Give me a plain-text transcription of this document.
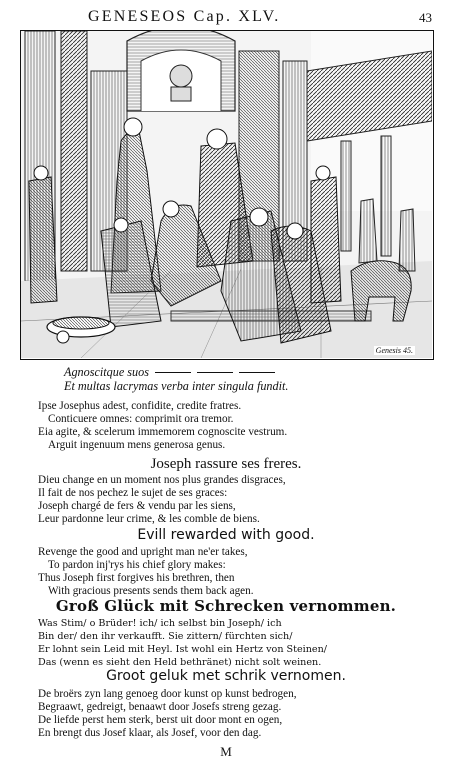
GENESEOS Cap. XLV.	43
Genesis 45.
Agnoscitque suos
Et multas lacrymas verba inter singula fundit.
Ipse Josephus adest, confidite, credite fratres.
Conticuere omnes: comprimit ora tremor.
Eia agite, & scelerum immemorem cognoscite vestrum.
Arguit ingenuum mens generosa genus.
Joseph rassure ses freres.
Dieu change en un moment nos plus grandes disgraces,
Il fait de nos pechez le sujet de ses graces:
Joseph chargé de fers & vendu par les siens,
Leur pardonne leur crime, & les comble de biens.
Evill rewarded with good.
Revenge the good and upright man ne'er takes,
To pardon inj'rys his chief glory makes:
Thus Joseph first forgives his brethren, then
With gracious presents sends them back agen.
Groß Glück mit Schrecken vernommen.
Was Stim/ o Brüder! ich/ ich selbst bin Joseph/ ich
Bin der/ den ihr verkaufft. Sie zittern/ fürchten sich/
Er lohnt sein Leid mit Heyl. Ist wohl ein Hertz von Steinen/
Das (wenn es sieht den Held bethränet) nicht solt weinen.
Groot geluk met schrik vernomen.
De broërs zyn lang genoeg door kunst op kunst bedrogen,
Begraawt, gedreigt, benaawt door Josefs streng gezag.
De liefde perst hem sterk, berst uit door mont en ogen,
En brengt dus Josef klaar, als Josef, voor den dag.
M
